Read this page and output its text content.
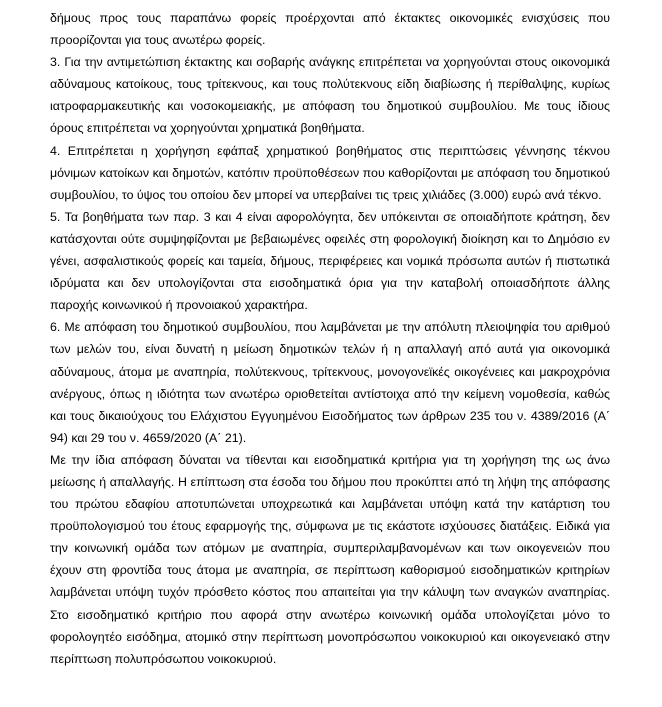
δήμους προς τους παραπάνω φορείς προέρχονται από έκτακτες οικονομικές ενισχύσεις που προορίζονται για τους ανωτέρω φορείς.

3. Για την αντιμετώπιση έκτακτης και σοβαρής ανάγκης επιτρέπεται να χορηγούνται στους οικονομικά αδύναμους κατοίκους, τους τρίτεκνους, και τους πολύτεκνους είδη διαβίωσης ή περίθαλψης, κυρίως ιατροφαρμακευτικής και νοσοκομειακής, με απόφαση του δημοτικού συμβουλίου. Με τους ίδιους όρους επιτρέπεται να χορηγούνται χρηματικά βοηθήματα.

4. Επιτρέπεται η χορήγηση εφάπαξ χρηματικού βοηθήματος στις περιπτώσεις γέννησης τέκνου μόνιμων κατοίκων και δημοτών, κατόπιν προϋποθέσεων που καθορίζονται με απόφαση του δημοτικού συμβουλίου, το ύψος του οποίου δεν μπορεί να υπερβαίνει τις τρεις χιλιάδες (3.000) ευρώ ανά τέκνο.

5. Τα βοηθήματα των παρ. 3 και 4 είναι αφορολόγητα, δεν υπόκεινται σε οποιαδήποτε κράτηση, δεν κατάσχονται ούτε συμψηφίζονται με βεβαιωμένες οφειλές στη φορολογική διοίκηση και το Δημόσιο εν γένει, ασφαλιστικούς φορείς και ταμεία, δήμους, περιφέρειες και νομικά πρόσωπα αυτών ή πιστωτικά ιδρύματα και δεν υπολογίζονται στα εισοδηματικά όρια για την καταβολή οποιασδήποτε άλλης παροχής κοινωνικού ή προνοιακού χαρακτήρα.

6. Με απόφαση του δημοτικού συμβουλίου, που λαμβάνεται με την απόλυτη πλειοψηφία του αριθμού των μελών του, είναι δυνατή η μείωση δημοτικών τελών ή η απαλλαγή από αυτά για οικονομικά αδύναμους, άτομα με αναπηρία, πολύτεκνους, τρίτεκνους, μονογονεϊκές οικογένειες και μακροχρόνια ανέργους, όπως η ιδιότητα των ανωτέρω οριοθετείται αντίστοιχα από την κείμενη νομοθεσία, καθώς και τους δικαιούχους του Ελάχιστου Εγγυημένου Εισοδήματος των άρθρων 235 του ν. 4389/2016 (Α΄ 94) και 29 του ν. 4659/2020 (Α΄ 21).

Με την ίδια απόφαση δύναται να τίθενται και εισοδηματικά κριτήρια για τη χορήγηση της ως άνω μείωσης ή απαλλαγής. Η επίπτωση στα έσοδα του δήμου που προκύπτει από τη λήψη της απόφασης του πρώτου εδαφίου αποτυπώνεται υποχρεωτικά και λαμβάνεται υπόψη κατά την κατάρτιση του προϋπολογισμού του έτους εφαρμογής της, σύμφωνα με τις εκάστοτε ισχύουσες διατάξεις. Ειδικά για την κοινωνική ομάδα των ατόμων με αναπηρία, συμπεριλαμβανομένων και των οικογενειών που έχουν στη φροντίδα τους άτομα με αναπηρία, σε περίπτωση καθορισμού εισοδηματικών κριτηρίων λαμβάνεται υπόψη τυχόν πρόσθετο κόστος που απαιτείται για την κάλυψη των αναγκών αναπηρίας. Στο εισοδηματικό κριτήριο που αφορά στην ανωτέρω κοινωνική ομάδα υπολογίζεται μόνο το φορολογητέο εισόδημα, ατομικό στην περίπτωση μονοπρόσωπου νοικοκυριού και οικογενειακό στην περίπτωση πολυπρόσωπου νοικοκυριού.
